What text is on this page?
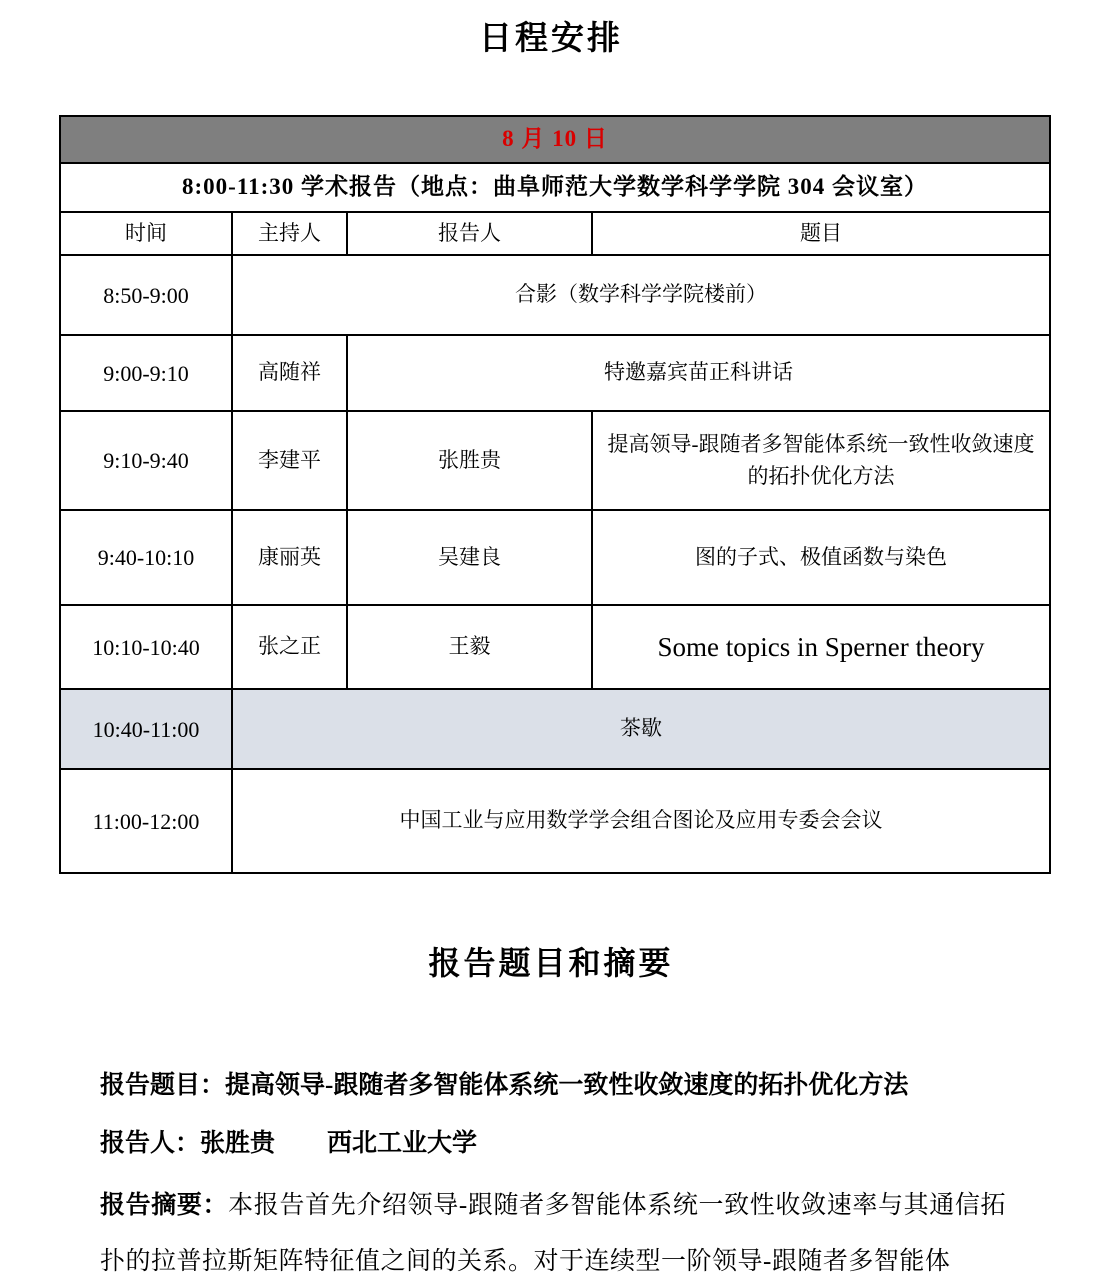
日程安排
8 月 10 日			
8:00-11:30 学术报告（地点：曲阜师范大学数学科学学院 304 会议室）			
时间	主持人	报告人	题目
8:50-9:00	合影（数学科学学院楼前）		
9:00-9:10	高随祥	特邀嘉宾苗正科讲话	
9:10-9:40	李建平	张胜贵	提高领导-跟随者多智能体系统一致性收敛速度的拓扑优化方法
9:40-10:10	康丽英	吴建良	图的子式、极值函数与染色
10:10-10:40	张之正	王毅	Some topics in Sperner theory
10:40-11:00	茶歇		
11:00-12:00	中国工业与应用数学学会组合图论及应用专委会会议		
报告题目和摘要

报告题目：提高领导-跟随者多智能体系统一致性收敛速度的拓扑优化方法

报告人：张胜贵 西北工业大学

报告摘要：本报告首先介绍领导-跟随者多智能体系统一致性收敛速率与其通信拓扑的拉普拉斯矩阵特征值之间的关系。对于连续型一阶领导-跟随者多智能体
